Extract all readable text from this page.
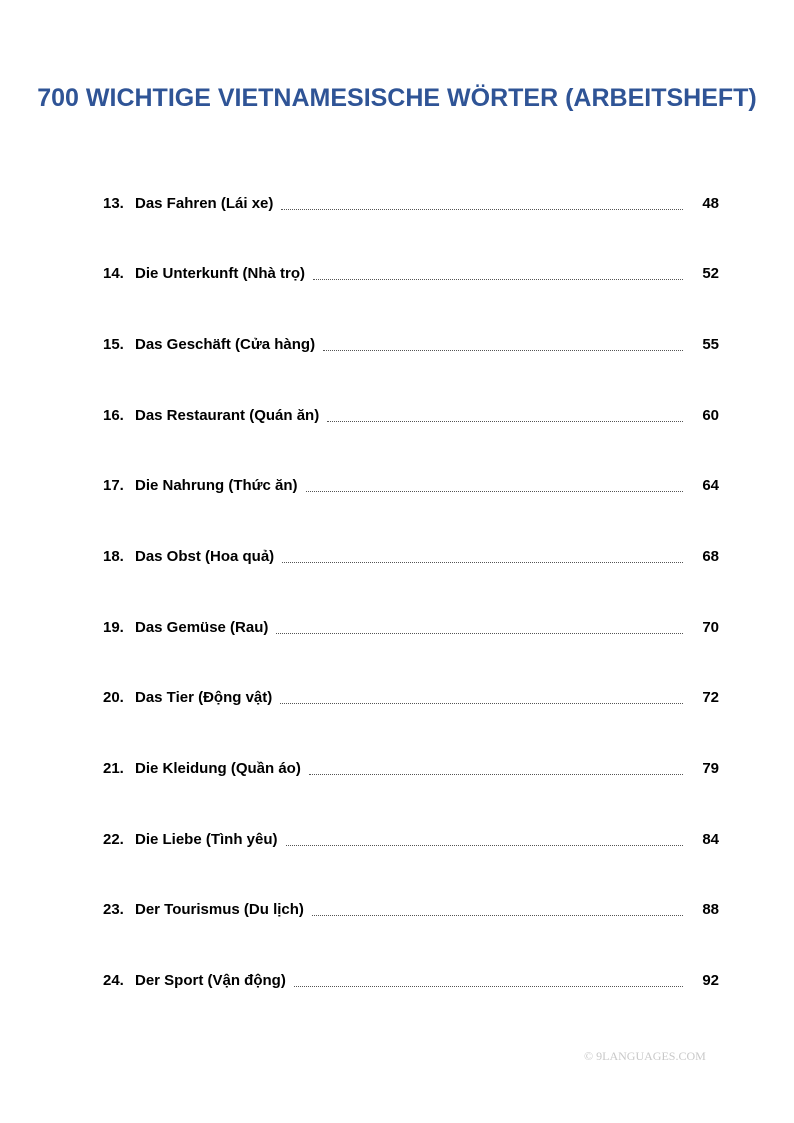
700 WICHTIGE VIETNAMESISCHE WÖRTER (ARBEITSHEFT)
13. Das Fahren (Lái xe)	48
14. Die Unterkunft (Nhà trọ)	52
15. Das Geschäft (Cửa hàng)	55
16. Das Restaurant (Quán ăn)	60
17. Die Nahrung (Thức ăn)	64
18. Das Obst (Hoa quả)	68
19. Das Gemüse (Rau)	70
20. Das Tier (Động vật)	72
21. Die Kleidung (Quần áo)	79
22. Die Liebe (Tình yêu)	84
23. Der Tourismus (Du lịch)	88
24. Der Sport (Vận động)	92
© 9LANGUAGES.COM
